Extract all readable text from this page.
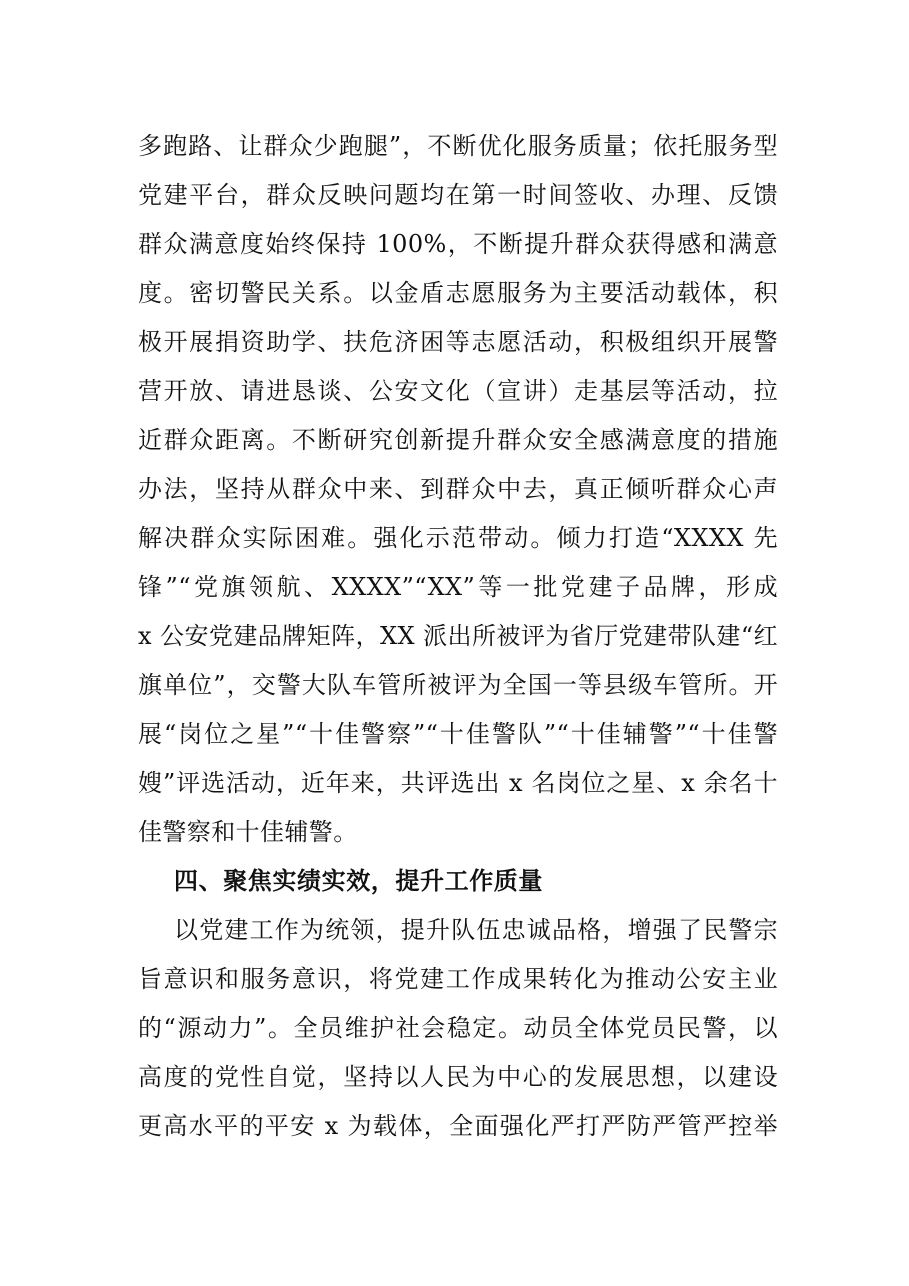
多跑路、让群众少跑腿”，不断优化服务质量；依托服务型
党建平台，群众反映问题均在第一时间签收、办理、反馈
群众满意度始终保持 100%，不断提升群众获得感和满意
度。密切警民关系。以金盾志愿服务为主要活动载体，积
极开展捐资助学、扶危济困等志愿活动，积极组织开展警
营开放、请进恳谈、公安文化（宣讲）走基层等活动，拉
近群众距离。不断研究创新提升群众安全感满意度的措施
办法，坚持从群众中来、到群众中去，真正倾听群众心声
解决群众实际困难。强化示范带动。倾力打造“XXXX 先
锋”“党旗领航、XXXX”“XX”等一批党建子品牌，形成
x 公安党建品牌矩阵，XX 派出所被评为省厅党建带队建“红
旗单位”，交警大队车管所被评为全国一等县级车管所。开
展“岗位之星”“十佳警察”“十佳警队”“十佳辅警”“十佳警
嫂”评选活动，近年来，共评选出 x 名岗位之星、x 余名十
佳警察和十佳辅警。
四、聚焦实绩实效，提升工作质量
以党建工作为统领，提升队伍忠诚品格，增强了民警宗
旨意识和服务意识，将党建工作成果转化为推动公安主业
的“源动力”。全员维护社会稳定。动员全体党员民警，以
高度的党性自觉，坚持以人民为中心的发展思想，以建设
更高水平的平安 x 为载体，全面强化严打严防严管严控举
